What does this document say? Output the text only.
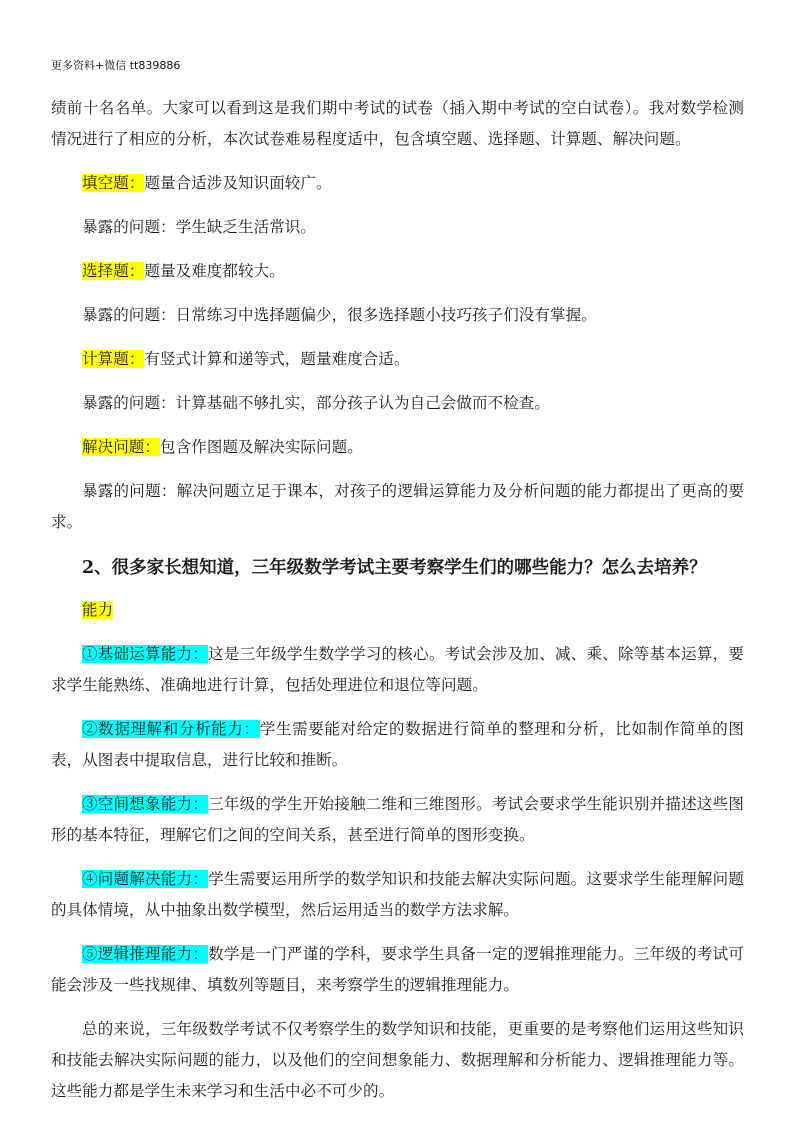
更多资料+微信 tt839886

绩前十名名单。大家可以看到这是我们期中考试的试卷（插入期中考试的空白试卷）。我对数学检测情况进行了相应的分析，本次试卷难易程度适中，包含填空题、选择题、计算题、解决问题。

填空题：题量合适涉及知识面较广。

暴露的问题：学生缺乏生活常识。

选择题：题量及难度都较大。

暴露的问题：日常练习中选择题偏少，很多选择题小技巧孩子们没有掌握。

计算题：有竖式计算和递等式，题量难度合适。

暴露的问题：计算基础不够扎实，部分孩子认为自己会做而不检查。

解决问题：包含作图题及解决实际问题。

暴露的问题：解决问题立足于课本，对孩子的逻辑运算能力及分析问题的能力都提出了更高的要求。

2、很多家长想知道，三年级数学考试主要考察学生们的哪些能力？怎么去培养？

能力

①基础运算能力：这是三年级学生数学学习的核心。考试会涉及加、减、乘、除等基本运算，要求学生能熟练、准确地进行计算，包括处理进位和退位等问题。

②数据理解和分析能力：学生需要能对给定的数据进行简单的整理和分析，比如制作简单的图表，从图表中提取信息，进行比较和推断。

③空间想象能力：三年级的学生开始接触二维和三维图形。考试会要求学生能识别并描述这些图形的基本特征，理解它们之间的空间关系，甚至进行简单的图形变换。

④问题解决能力：学生需要运用所学的数学知识和技能去解决实际问题。这要求学生能理解问题的具体情境，从中抽象出数学模型，然后运用适当的数学方法求解。

⑤逻辑推理能力：数学是一门严谨的学科，要求学生具备一定的逻辑推理能力。三年级的考试可能会涉及一些找规律、填数列等题目，来考察学生的逻辑推理能力。

总的来说，三年级数学考试不仅考察学生的数学知识和技能，更重要的是考察他们运用这些知识和技能去解决实际问题的能力，以及他们的空间想象能力、数据理解和分析能力、逻辑推理能力等。这些能力都是学生未来学习和生活中必不可少的。
